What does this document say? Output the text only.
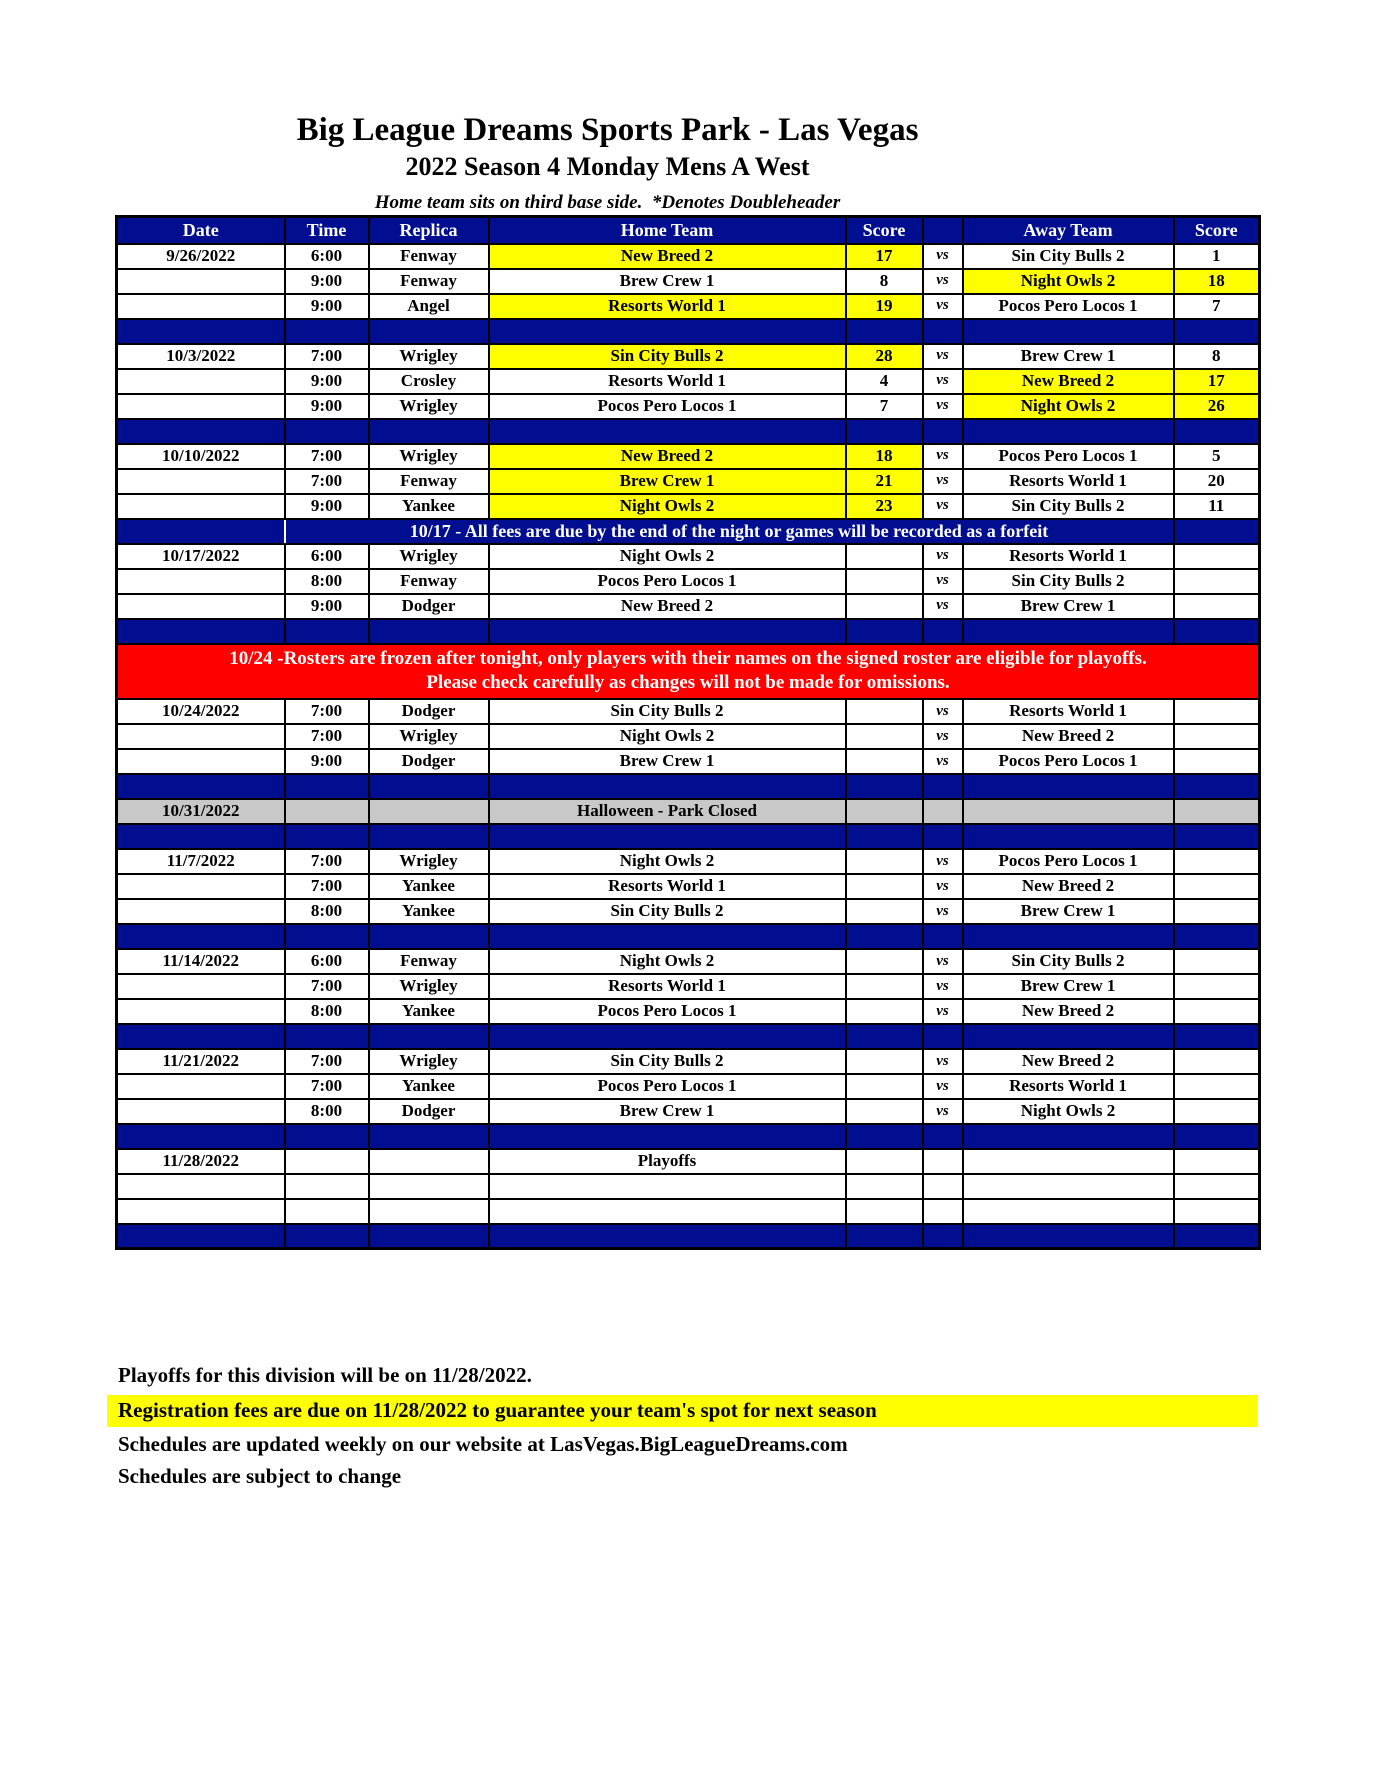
Big League Dreams Sports Park - Las Vegas
2022 Season 4 Monday Mens A West
Home team sits on third base side.  *Denotes Doubleheader
Date	Time	Replica	Home Team	Score		Away Team	Score
9/26/2022	6:00	Fenway	New Breed 2	17	vs	Sin City Bulls 2	1
	9:00	Fenway	Brew Crew 1	8	vs	Night Owls 2	18
	9:00	Angel	Resorts World 1	19	vs	Pocos Pero Locos 1	7

10/3/2022	7:00	Wrigley	Sin City Bulls 2	28	vs	Brew Crew 1	8
	9:00	Crosley	Resorts World 1	4	vs	New Breed 2	17
	9:00	Wrigley	Pocos Pero Locos 1	7	vs	Night Owls 2	26

10/10/2022	7:00	Wrigley	New Breed 2	18	vs	Pocos Pero Locos 1	5
	7:00	Fenway	Brew Crew 1	21	vs	Resorts World 1	20
	9:00	Yankee	Night Owls 2	23	vs	Sin City Bulls 2	11
	10/17 - All fees are due by the end of the night or games will be recorded as a forfeit						
10/17/2022	6:00	Wrigley	Night Owls 2		vs	Resorts World 1	
	8:00	Fenway	Pocos Pero Locos 1		vs	Sin City Bulls 2	
	9:00	Dodger	New Breed 2		vs	Brew Crew 1	

10/24 -Rosters are frozen after tonight, only players with their names on the signed roster are eligible for playoffs.
Please check carefully as changes will not be made for omissions.							

10/24/2022	7:00	Dodger	Sin City Bulls 2		vs	Resorts World 1	
	7:00	Wrigley	Night Owls 2		vs	New Breed 2	
	9:00	Dodger	Brew Crew 1		vs	Pocos Pero Locos 1	

10/31/2022			Halloween - Park Closed				

11/7/2022	7:00	Wrigley	Night Owls 2		vs	Pocos Pero Locos 1	
	7:00	Yankee	Resorts World 1		vs	New Breed 2	
	8:00	Yankee	Sin City Bulls 2		vs	Brew Crew 1	

11/14/2022	6:00	Fenway	Night Owls 2		vs	Sin City Bulls 2	
	7:00	Wrigley	Resorts World 1		vs	Brew Crew 1	
	8:00	Yankee	Pocos Pero Locos 1		vs	New Breed 2	

11/21/2022	7:00	Wrigley	Sin City Bulls 2		vs	New Breed 2	
	7:00	Yankee	Pocos Pero Locos 1		vs	Resorts World 1	
	8:00	Dodger	Brew Crew 1		vs	Night Owls 2	

11/28/2022			Playoffs				

Playoffs for this division will be on 11/28/2022.
Registration fees are due on 11/28/2022 to guarantee your team's spot for next season
Schedules are updated weekly on our website at LasVegas.BigLeagueDreams.com
Schedules are subject to change
